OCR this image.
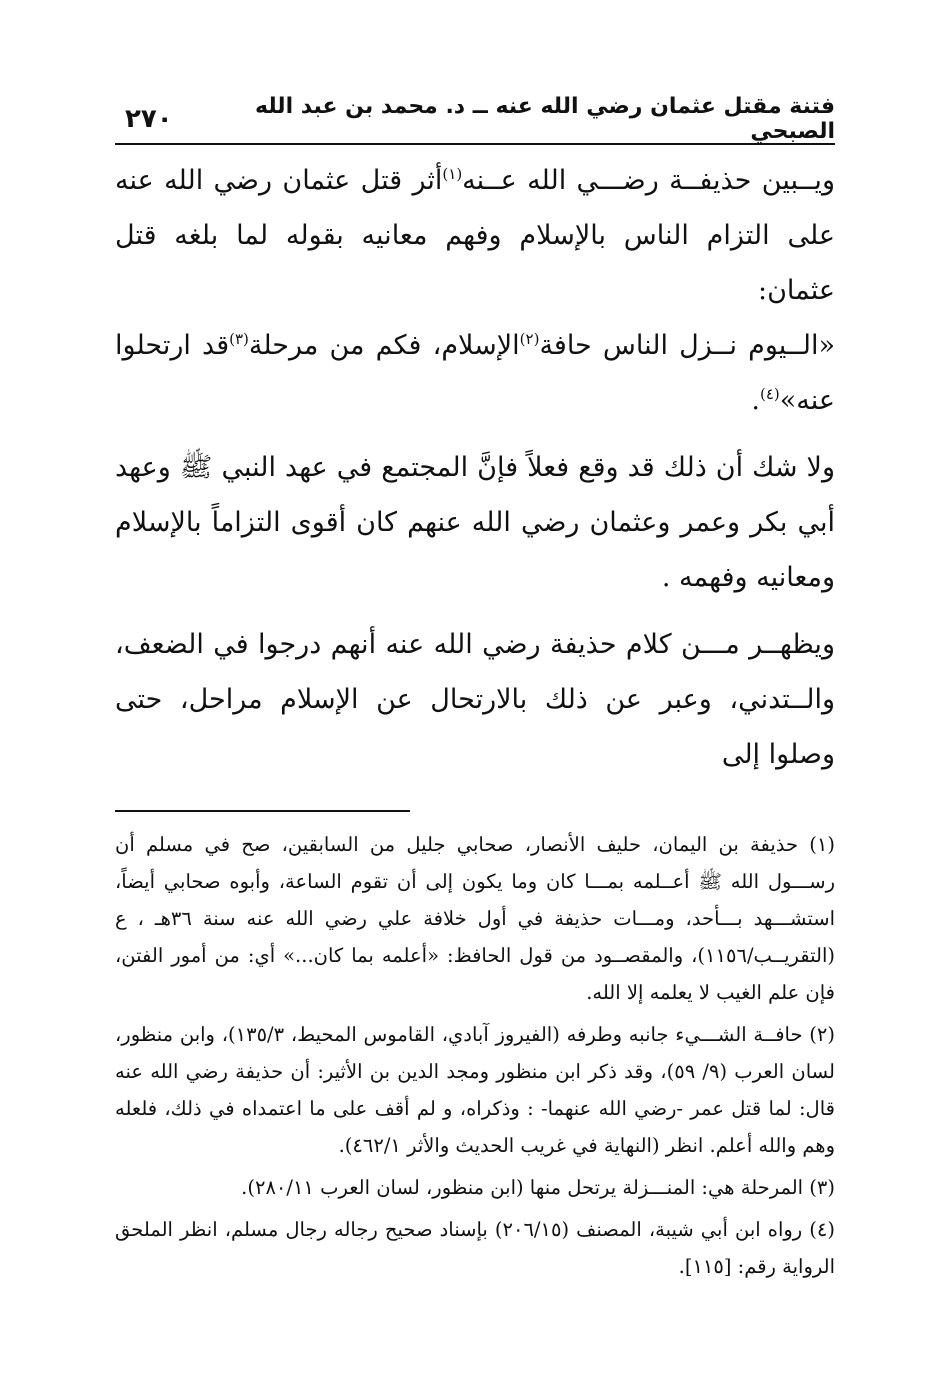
فتنة مقتل عثمان رضي الله عنه ــ د. محمد بن عبد الله الصبحي
٢٧٠

ويــبين حذيفــة رضـــي الله عــنه$^{(١)}$أثر قتل عثمان رضي الله عنه على التزام الناس بالإسلام وفهم معانيه بقوله لما بلغه قتل عثمان:

«الــيوم نــزل الناس حافة$^{(٢)}$الإسلام، فكم من مرحلة$^{(٣)}$قد ارتحلوا عنه»$^{(٤)}$.

ولا شك أن ذلك قد وقع فعلاً فإنَّ المجتمع في عهد النبي ﷺ وعهد أبي بكر وعمر وعثمان رضي الله عنهم كان أقوى التزاماً بالإسلام ومعانيه وفهمه .

ويظهــر مـــن كلام حذيفة رضي الله عنه أنهم درجوا في الضعف، والــتدني، وعبر عن ذلك بالارتحال عن الإسلام مراحل، حتى وصلوا إلى

(١) حذيفة بن اليمان، حليف الأنصار، صحابي جليل من السابقين، صح في مسلم أن رســـول الله ﷺ أعــلمه بمـــا كان وما يكون إلى أن تقوم الساعة، وأبوه صحابي أيضاً، استشـــهد بـــأحد، ومـــات حذيفة في أول خلافة علي رضي الله عنه سنة ٣٦هـ ، ع (التقريــب/١١٥٦)، والمقصــود من قول الحافظ: «أعلمه بما كان...» أي: من أمور الفتن، فإن علم الغيب لا يعلمه إلا الله.

(٢) حافــة الشـــيء جانبه وطرفه (الفيروز آبادي، القاموس المحيط، ١٣٥/٣)، وابن منظور، لسان العرب (٩/ ٥٩)، وقد ذكر ابن منظور ومجد الدين بن الأثير: أن حذيفة رضي الله عنه قال: لما قتل عمر -رضي الله عنهما- : وذكراه، و لم أقف على ما اعتمداه في ذلك، فلعله وهم والله أعلم. انظر (النهاية في غريب الحديث والأثر ٤٦٢/١).

(٣) المرحلة هي: المنـــزلة يرتحل منها (ابن منظور، لسان العرب ٢٨٠/١١).

(٤) رواه ابن أبي شيبة، المصنف (٢٠٦/١٥) بإسناد صحيح رجاله رجال مسلم، انظر الملحق الرواية رقم: [١١٥].
